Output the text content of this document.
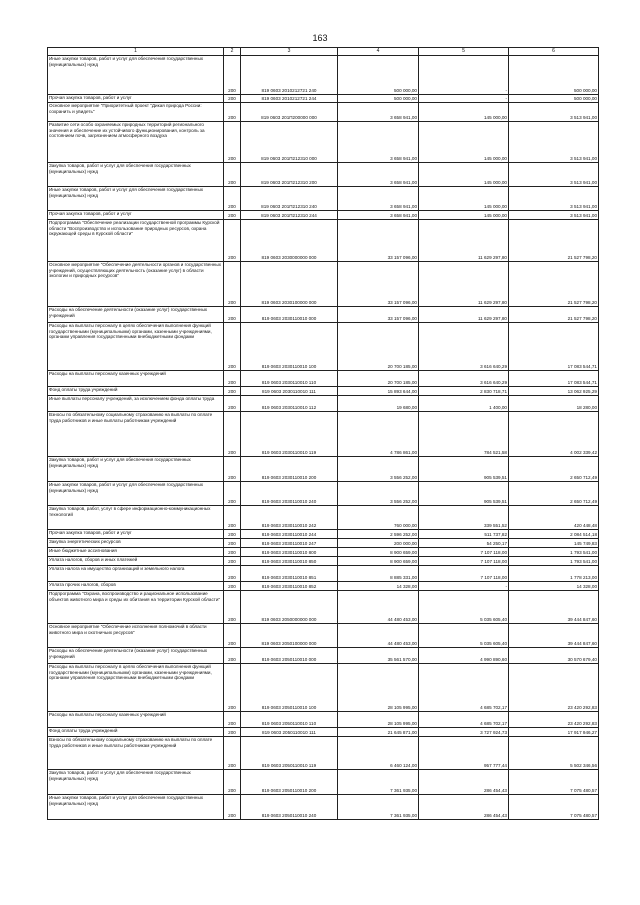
163
1	2	3	4	5	6
Иные закупки товаров, работ и услуг для обеспечения государственных (муниципальных) нужд	200	819 0603 2010212721 240	500 000,00	-	500 000,00
Прочая закупка товаров, работ и услуг	200	819 0603 2010212721 244	500 000,00	-	500 000,00
Основное мероприятие "Приоритетный проект "Дикая природа России: сохранить и увидеть"	200	819 0603 201П200000 000	3 658 941,00	145 000,00	3 513 941,00
Развитие сети особо охраняемых природных территорий регионального значения и обеспечение их устойчивого функционирования, контроль за состоянием почв, загрязнением атмосферного воздуха	200	819 0603 201П212310 000	3 658 941,00	145 000,00	3 513 941,00
Закупка товаров, работ и услуг для обеспечения государственных (муниципальных) нужд	200	819 0603 201П212310 200	3 658 941,00	145 000,00	3 513 941,00
Иные закупки товаров, работ и услуг для обеспечения государственных (муниципальных) нужд	200	819 0603 201П212310 240	3 658 941,00	145 000,00	3 513 941,00
Прочая закупка товаров, работ и услуг	200	819 0603 201П212310 244	3 658 941,00	145 000,00	3 513 941,00
Подпрограмма "Обеспечение реализации государственной программы Курской области "Воспроизводство и использование природных ресурсов, охрана окружающей среды в Курской области"	200	819 0603 2030000000 000	33 157 096,00	11 629 297,80	21 527 798,20
Основное мероприятие "Обеспечение деятельности органов и государственных учреждений, осуществляющих деятельность (оказание услуг) в области экологии и природных ресурсов"	200	819 0603 2030100000 000	33 157 096,00	11 629 297,80	21 527 798,20
Расходы на обеспечение деятельности (оказание услуг) государственных учреждений	200	819 0603 2030110010 000	33 157 096,00	11 629 297,80	21 527 798,20
Расходы на выплаты персоналу в целях обеспечения выполнения функций государственными (муниципальными) органами, казенными учреждениями, органами управления государственными внебюджетными фондами	200	819 0603 2030110010 100	20 700 185,00	3 616 640,29	17 083 544,71
Расходы на выплаты персоналу казенных учреждений	200	819 0603 2030110010 110	20 700 185,00	3 616 640,29	17 083 544,71
Фонд оплаты труда учреждений	200	819 0603 2030110010 111	15 893 644,00	2 830 718,71	13 062 925,29
Иные выплаты персоналу учреждений, за исключением фонда оплаты труда	200	819 0603 2030110010 112	19 680,00	1 400,00	18 280,00
Взносы по обязательному социальному страхованию на выплаты по оплате труда работников и иные выплаты работникам учреждений	200	819 0603 2030110010 119	4 786 861,00	784 521,58	4 002 339,42
Закупка товаров, работ и услуг для обеспечения государственных (муниципальных) нужд	200	819 0603 2030110010 200	3 556 252,00	905 539,51	2 650 712,49
Иные закупки товаров, работ и услуг для обеспечения государственных (муниципальных) нужд	200	819 0603 2030110010 240	3 556 252,00	905 539,51	2 650 712,49
Закупка товаров, работ, услуг в сфере информационно-коммуникационных технологий	200	819 0603 2030110010 242	760 000,00	339 551,52	420 448,48
Прочая закупка товаров, работ и услуг	200	819 0603 2030110010 244	2 596 252,00	511 737,82	2 084 514,18
Закупка энергетических ресурсов	200	819 0603 2030110010 247	200 000,00	54 250,17	145 749,83
Иные бюджетные ассигнования	200	819 0603 2030110010 800	8 900 659,00	7 107 118,00	1 793 541,00
Уплата налогов, сборов и иных платежей	200	819 0603 2030110010 850	8 900 659,00	7 107 118,00	1 793 541,00
Уплата налога на имущество организаций и земельного налога	200	819 0603 2030110010 851	8 885 331,00	7 107 118,00	1 778 213,00
Уплата прочих налогов, сборов	200	819 0603 2030110010 852	14 328,00	-	14 328,00
Подпрограмма "Охрана, воспроизводство и рациональное использование объектов животного мира и среды их обитания на территории Курской области"	200	819 0603 2050000000 000	44 480 453,00	5 035 605,40	39 444 847,60
Основное мероприятие "Обеспечение исполнения полномочий в области животного мира и охотничьих ресурсов"	200	819 0603 2050100000 000	44 480 453,00	5 035 605,40	39 444 847,60
Расходы на обеспечение деятельности (оказание услуг) государственных учреждений	200	819 0603 2050110010 000	35 561 570,00	4 990 890,60	30 570 679,40
Расходы на выплаты персоналу в целях обеспечения выполнения функций государственными (муниципальными) органами, казенными учреждениями, органами управления государственными внебюджетными фондами	200	819 0603 2050110010 100	28 105 995,00	4 685 702,17	23 420 292,83
Расходы на выплаты персоналу казенных учреждений	200	819 0603 2050110010 110	28 105 995,00	4 685 702,17	23 420 292,83
Фонд оплаты труда учреждений	200	819 0603 2050110010 111	21 645 871,00	3 727 924,73	17 917 946,27
Взносы по обязательному социальному страхованию на выплаты по оплате труда работников и иные выплаты работникам учреждений	200	819 0603 2050110010 119	6 460 124,00	957 777,44	5 502 346,56
Закупка товаров, работ и услуг для обеспечения государственных (муниципальных) нужд	200	819 0603 2050110010 200	7 361 935,00	286 454,43	7 075 480,57
Иные закупки товаров, работ и услуг для обеспечения государственных (муниципальных) нужд	200	819 0603 2050110010 240	7 361 935,00	286 454,43	7 075 480,57
